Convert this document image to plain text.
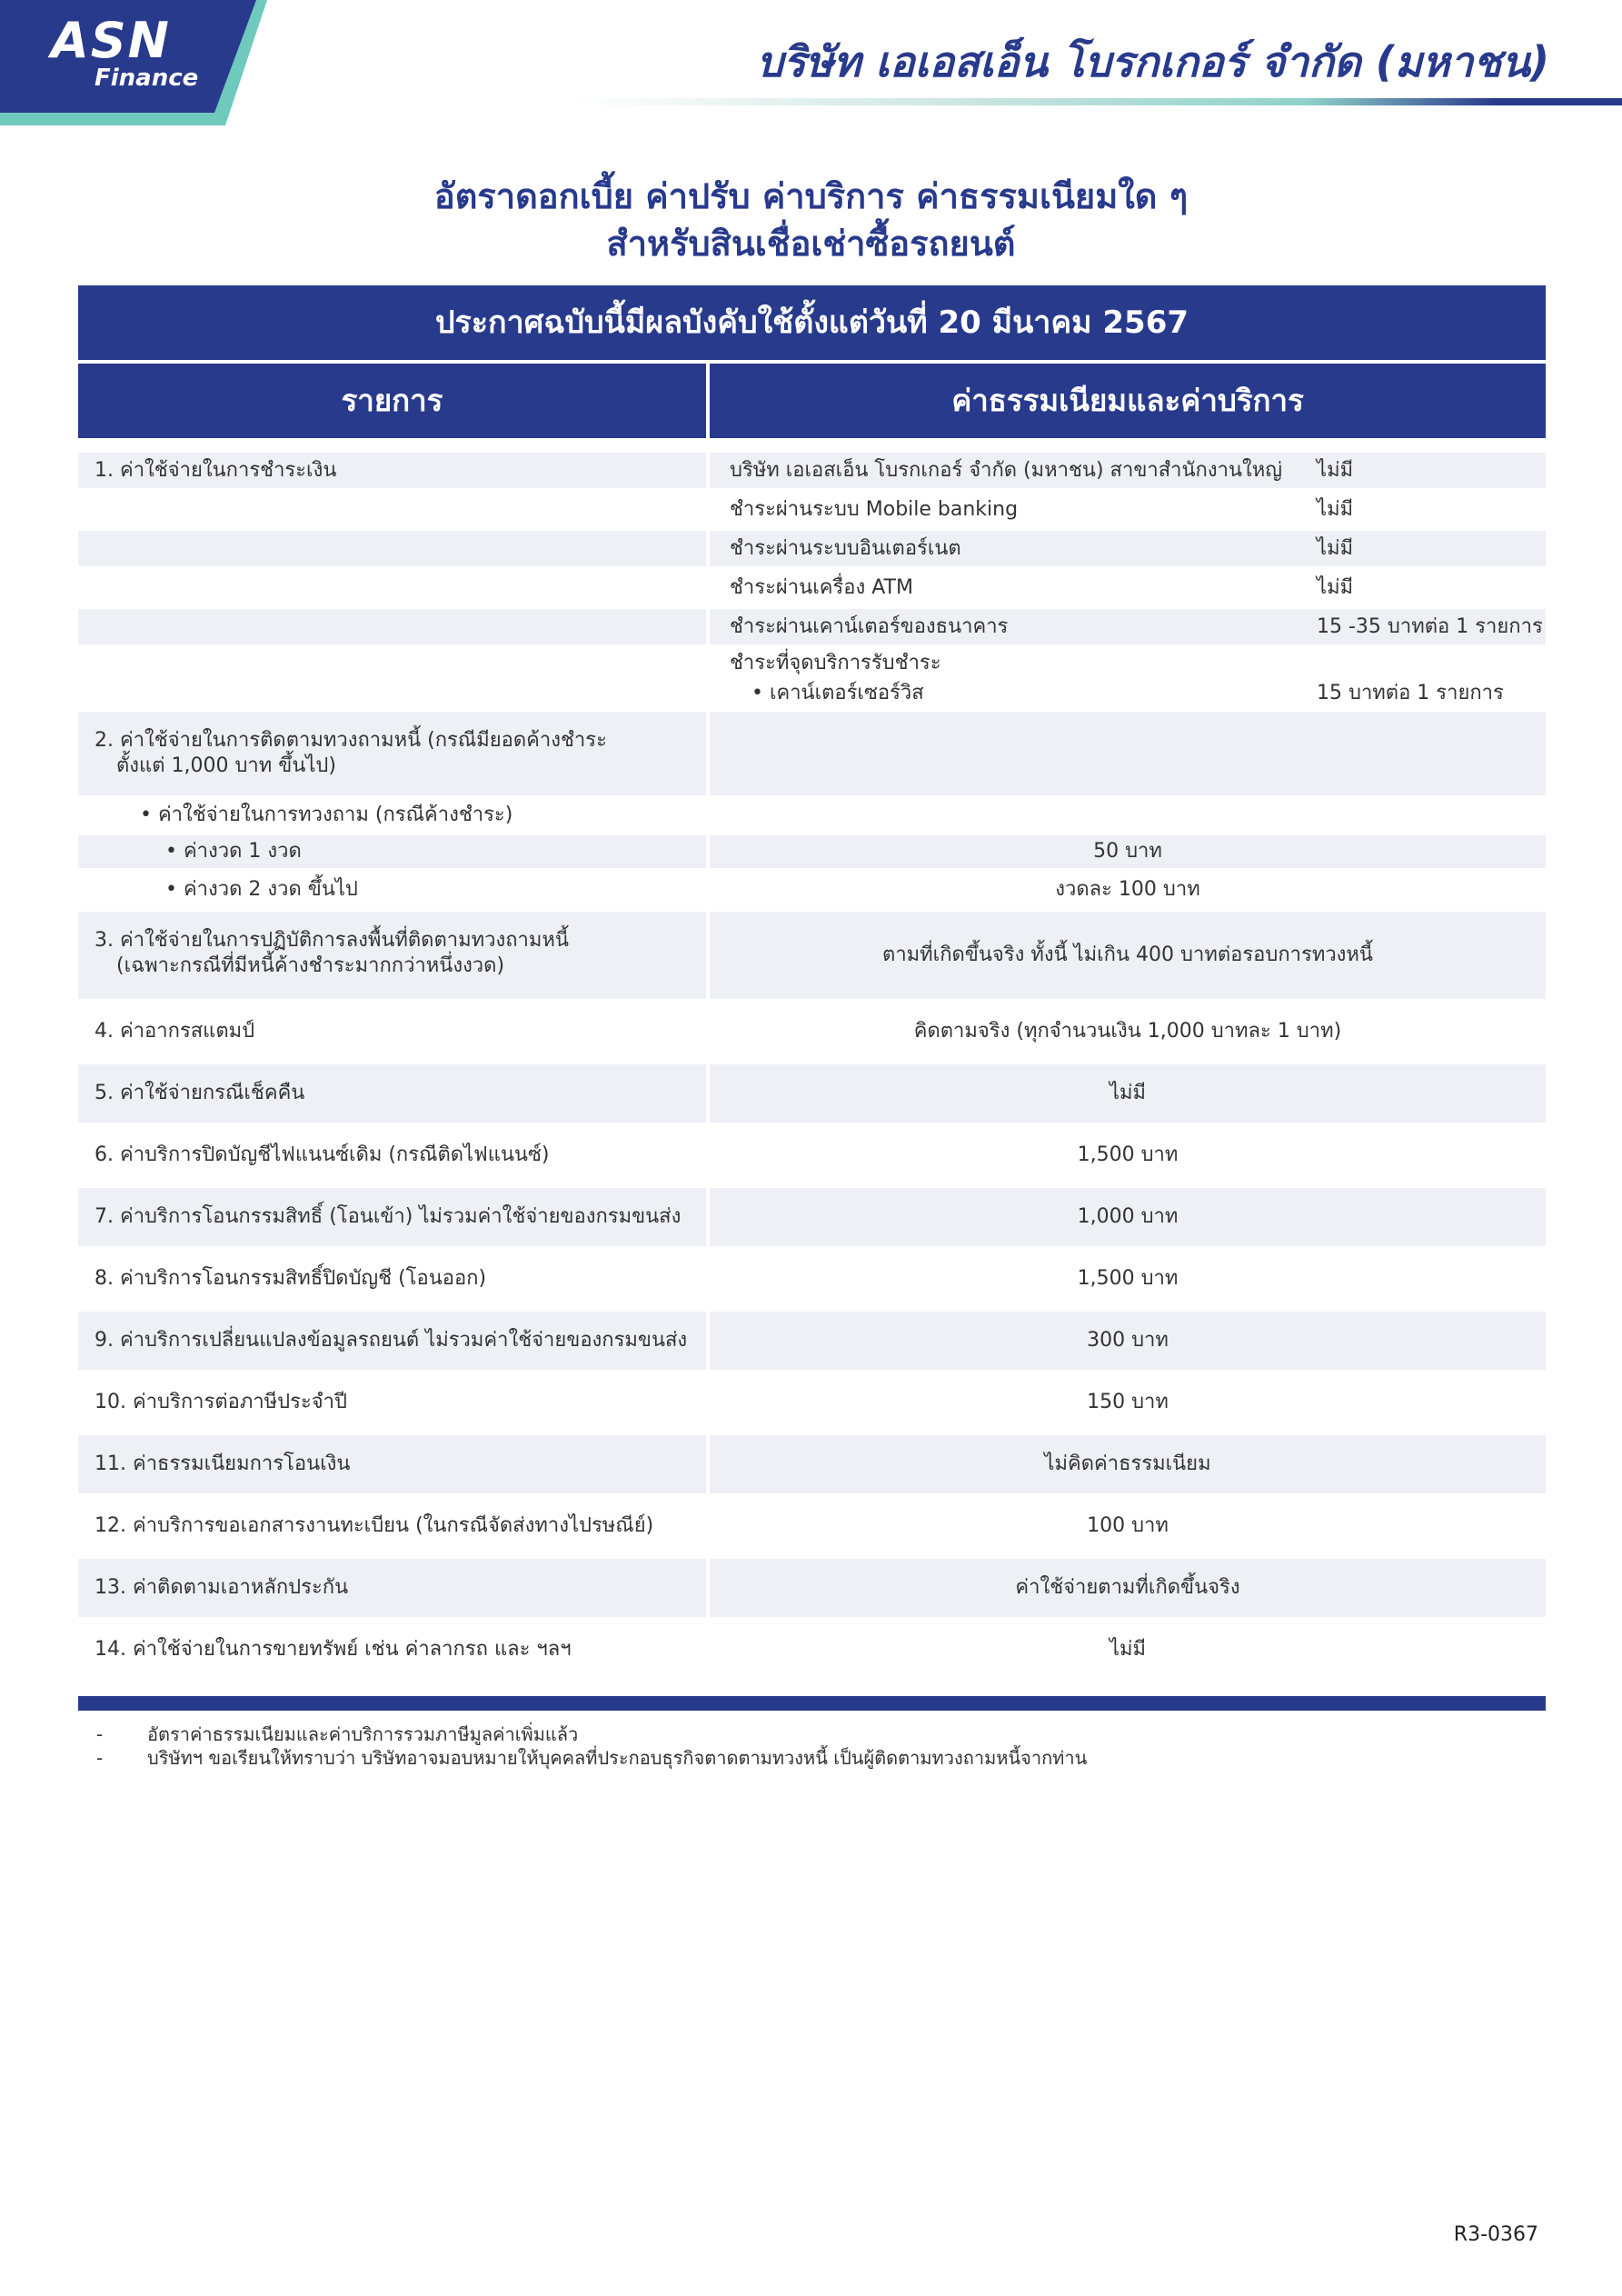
ASN
Finance	บริษัท เอเอสเอ็น โบรกเกอร์ จำกัด (มหาชน)
อัตราดอกเบี้ย ค่าปรับ ค่าบริการ ค่าธรรมเนียมใด ๆ
สำหรับสินเชื่อเช่าซื้อรถยนต์
ประกาศฉบับนี้มีผลบังคับใช้ตั้งแต่วันที่ 20 มีนาคม 2567
รายการ	ค่าธรรมเนียมและค่าบริการ
1. ค่าใช้จ่ายในการชำระเงิน	บริษัท เอเอสเอ็น โบรกเกอร์ จำกัด (มหาชน) สาขาสำนักงานใหญ่	ไม่มี
ชำระผ่านระบบ Mobile banking	ไม่มี
ชำระผ่านระบบอินเตอร์เนต	ไม่มี
ชำระผ่านเครื่อง ATM	ไม่มี
ชำระผ่านเคาน์เตอร์ของธนาคาร	15 -35 บาทต่อ 1 รายการ
ชำระที่จุดบริการรับชำระ
• เคาน์เตอร์เซอร์วิส	15 บาทต่อ 1 รายการ
2. ค่าใช้จ่ายในการติดตามทวงถามหนี้ (กรณีมียอดค้างชำระ
ตั้งแต่ 1,000 บาท ขึ้นไป)
• ค่าใช้จ่ายในการทวงถาม (กรณีค้างชำระ)
• ค่างวด 1 งวด	50 บาท
• ค่างวด 2 งวด ขึ้นไป	งวดละ 100 บาท
3. ค่าใช้จ่ายในการปฏิบัติการลงพื้นที่ติดตามทวงถามหนี้
(เฉพาะกรณีที่มีหนี้ค้างชำระมากกว่าหนึ่งงวด)	ตามที่เกิดขึ้นจริง ทั้งนี้ ไม่เกิน 400 บาทต่อรอบการทวงหนี้
4. ค่าอากรสแตมป์	คิดตามจริง (ทุกจำนวนเงิน 1,000 บาทละ 1 บาท)
5. ค่าใช้จ่ายกรณีเช็คคืน	ไม่มี
6. ค่าบริการปิดบัญชีไฟแนนซ์เดิม (กรณีติดไฟแนนซ์)	1,500 บาท
7. ค่าบริการโอนกรรมสิทธิ์ (โอนเข้า) ไม่รวมค่าใช้จ่ายของกรมขนส่ง	1,000 บาท
8. ค่าบริการโอนกรรมสิทธิ์ปิดบัญชี (โอนออก)	1,500 บาท
9. ค่าบริการเปลี่ยนแปลงข้อมูลรถยนต์ ไม่รวมค่าใช้จ่ายของกรมขนส่ง	300 บาท
10. ค่าบริการต่อภาษีประจำปี	150 บาท
11. ค่าธรรมเนียมการโอนเงิน	ไม่คิดค่าธรรมเนียม
12. ค่าบริการขอเอกสารงานทะเบียน (ในกรณีจัดส่งทางไปรษณีย์)	100 บาท
13. ค่าติดตามเอาหลักประกัน	ค่าใช้จ่ายตามที่เกิดขึ้นจริง
14. ค่าใช้จ่ายในการขายทรัพย์ เช่น ค่าลากรถ และ ฯลฯ	ไม่มี
-	อัตราค่าธรรมเนียมและค่าบริการรวมภาษีมูลค่าเพิ่มแล้ว
-	บริษัทฯ ขอเรียนให้ทราบว่า บริษัทอาจมอบหมายให้บุคคลที่ประกอบธุรกิจตาดตามทวงหนี้ เป็นผู้ติดตามทวงถามหนี้จากท่าน
R3-0367
